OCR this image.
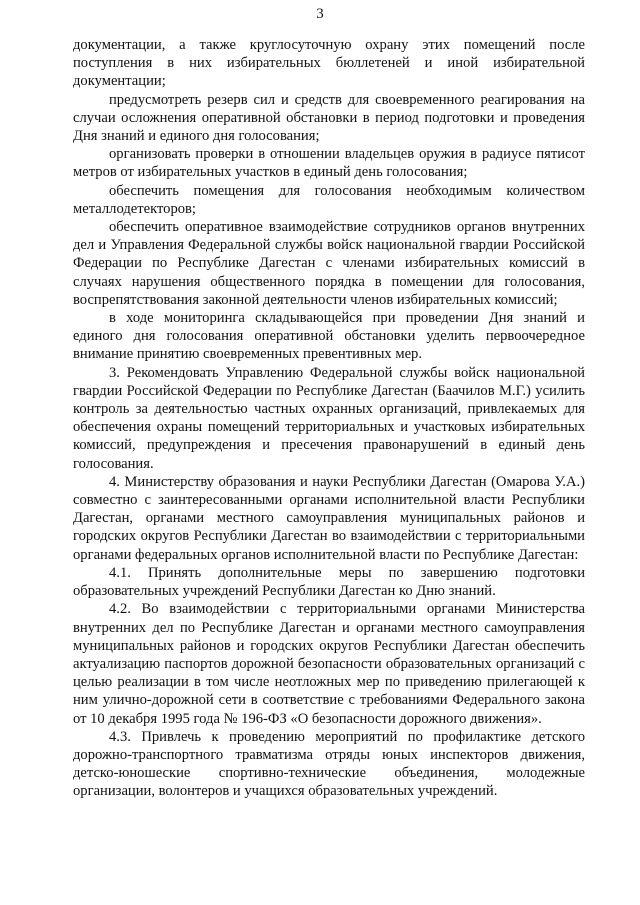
3

документации, а также круглосуточную охрану этих помещений после поступления в них избирательных бюллетеней и иной избирательной документации;

предусмотреть резерв сил и средств для своевременного реагирования на случаи осложнения оперативной обстановки в период подготовки и проведения Дня знаний и единого дня голосования;

организовать проверки в отношении владельцев оружия в радиусе пятисот метров от избирательных участков в единый день голосования;

обеспечить помещения для голосования необходимым количеством металлодетекторов;

обеспечить оперативное взаимодействие сотрудников органов внутренних дел и Управления Федеральной службы войск национальной гвардии Российской Федерации по Республике Дагестан с членами избирательных комиссий в случаях нарушения общественного порядка в помещении для голосования, воспрепятствования законной деятельности членов избирательных комиссий;

в ходе мониторинга складывающейся при проведении Дня знаний и единого дня голосования оперативной обстановки уделить первоочередное внимание принятию своевременных превентивных мер.

3. Рекомендовать Управлению Федеральной службы войск национальной гвардии Российской Федерации по Республике Дагестан (Баачилов М.Г.) усилить контроль за деятельностью частных охранных организаций, привлекаемых для обеспечения охраны помещений территориальных и участковых избирательных комиссий, предупреждения и пресечения правонарушений в единый день голосования.

4. Министерству образования и науки Республики Дагестан (Омарова У.А.) совместно с заинтересованными органами исполнительной власти Республики Дагестан, органами местного самоуправления муниципальных районов и городских округов Республики Дагестан во взаимодействии с территориальными органами федеральных органов исполнительной власти по Республике Дагестан:

4.1. Принять дополнительные меры по завершению подготовки образовательных учреждений Республики Дагестан ко Дню знаний.

4.2. Во взаимодействии с территориальными органами Министерства внутренних дел по Республике Дагестан и органами местного самоуправления муниципальных районов и городских округов Республики Дагестан обеспечить актуализацию паспортов дорожной безопасности образовательных организаций с целью реализации в том числе неотложных мер по приведению прилегающей к ним улично-дорожной сети в соответствие с требованиями Федерального закона от 10 декабря 1995 года № 196-ФЗ «О безопасности дорожного движения».

4.3. Привлечь к проведению мероприятий по профилактике детского дорожно-транспортного травматизма отряды юных инспекторов движения, детско-юношеские спортивно-технические объединения, молодежные организации, волонтеров и учащихся образовательных учреждений.
